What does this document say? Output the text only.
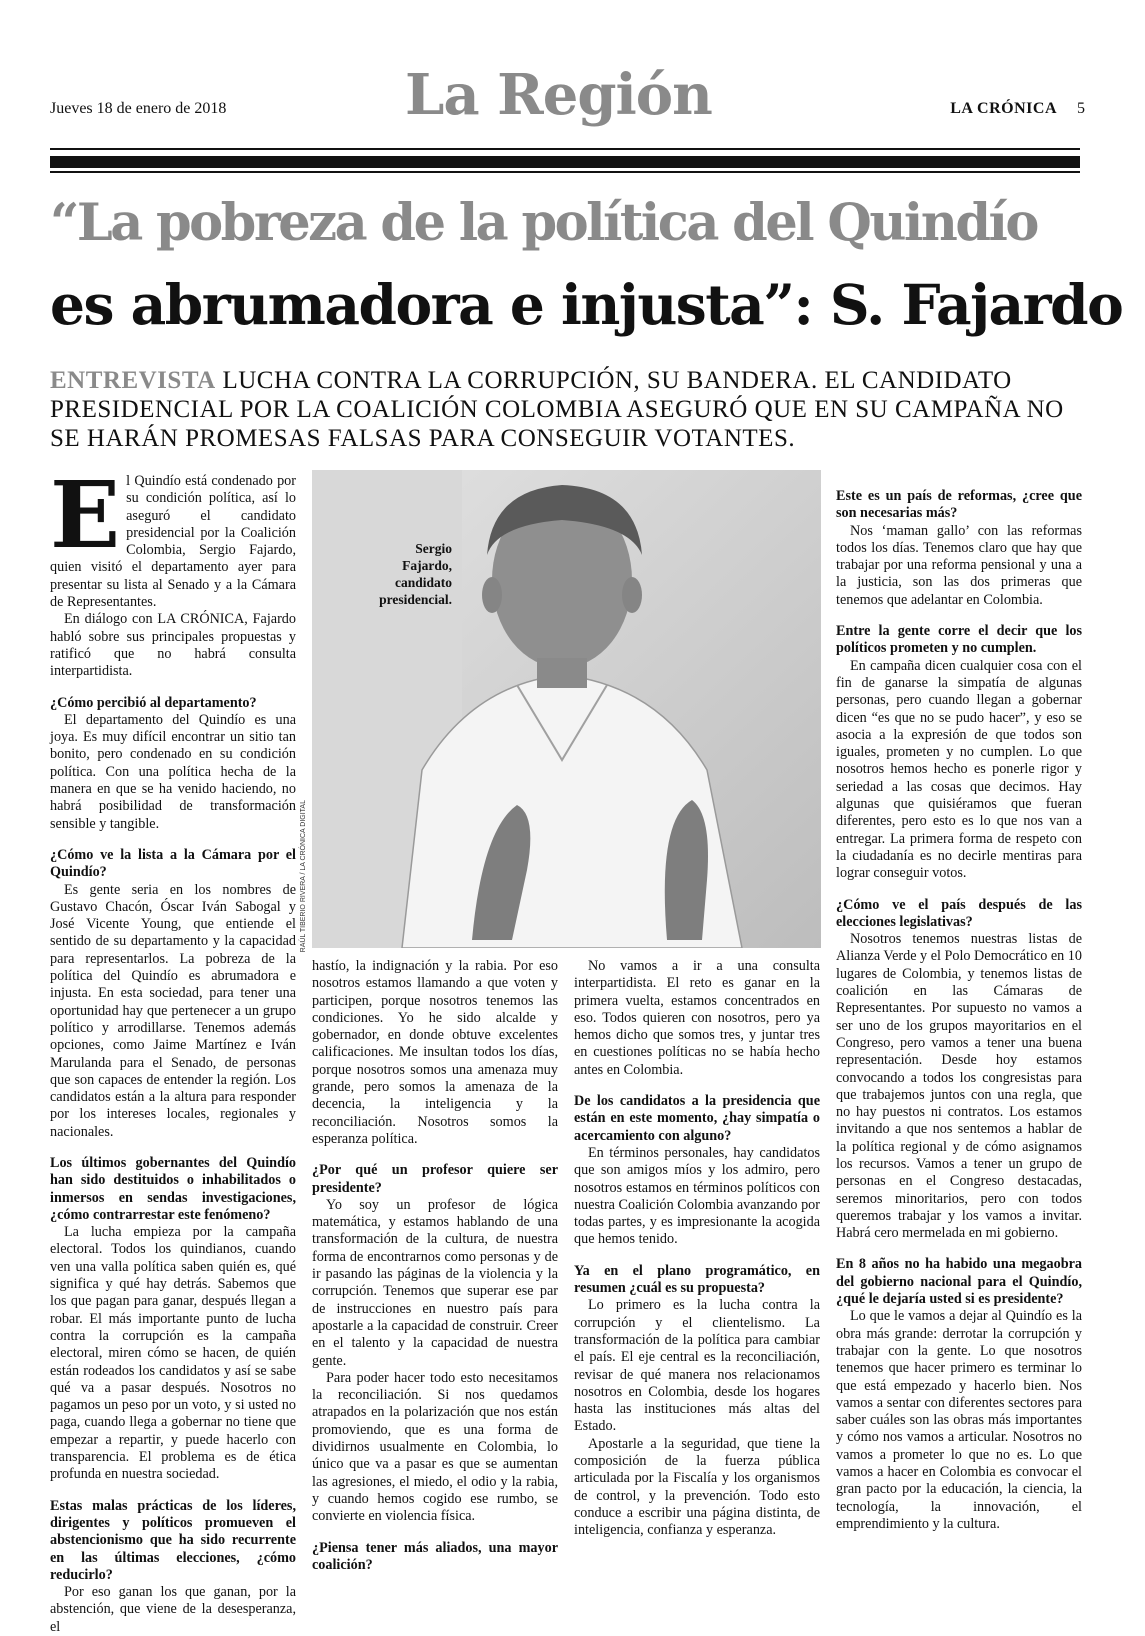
Jueves 18 de enero de 2018	La Región	LA CRÓNICA 5
“La pobreza de la política del Quindío
es abrumadora e injusta”: S. Fajardo
ENTREVISTA LUCHA CONTRA LA CORRUPCIÓN, SU BANDERA. EL CANDIDATO PRESIDENCIAL POR LA COALICIÓN COLOMBIA ASEGURÓ QUE EN SU CAMPAÑA NO SE HARÁN PROMESAS FALSAS PARA CONSEGUIR VOTANTES.
Sergio Fajardo, candidato presidencial.
RAÚL TIBERIO RIVERA / LA CRÓNICA DIGITAL
E l Quindío está condenado por su condición política, así lo aseguró el candidato presidencial por la Coalición Colombia, Sergio Fajardo, quien visitó el departamento ayer para presentar su lista al Senado y a la Cámara de Representantes.

En diálogo con LA CRÓNICA, Fajardo habló sobre sus principales propuestas y ratificó que no habrá consulta interpartidista.

¿Cómo percibió al departamento?

El departamento del Quindío es una joya. Es muy difícil encontrar un sitio tan bonito, pero condenado en su condición política. Con una política hecha de la manera en que se ha venido haciendo, no habrá posibilidad de transformación sensible y tangible.

¿Cómo ve la lista a la Cámara por el Quindío?

Es gente seria en los nombres de Gustavo Chacón, Óscar Iván Sabogal y José Vicente Young, que entiende el sentido de su departamento y la capacidad para representarlos. La pobreza de la política del Quindío es abrumadora e injusta. En esta sociedad, para tener una oportunidad hay que pertenecer a un grupo político y arrodillarse. Tenemos además opciones, como Jaime Martínez e Iván Marulanda para el Senado, de personas que son capaces de entender la región. Los candidatos están a la altura para responder por los intereses locales, regionales y nacionales.

Los últimos gobernantes del Quindío han sido destituidos o inhabilitados o inmersos en sendas investigaciones, ¿cómo contrarrestar este fenómeno?

La lucha empieza por la campaña electoral. Todos los quindianos, cuando ven una valla política saben quién es, qué significa y qué hay detrás. Sabemos que los que pagan para ganar, después llegan a robar. El más importante punto de lucha contra la corrupción es la campaña electoral, miren cómo se hacen, de quién están rodeados los candidatos y así se sabe qué va a pasar después. Nosotros no pagamos un peso por un voto, y si usted no paga, cuando llega a gobernar no tiene que empezar a repartir, y puede hacerlo con transparencia. El problema es de ética profunda en nuestra sociedad.

Estas malas prácticas de los líderes, dirigentes y políticos promueven el abstencionismo que ha sido recurrente en las últimas elecciones, ¿cómo reducirlo?

Por eso ganan los que ganan, por la abstención, que viene de la desesperanza, el

hastío, la indignación y la rabia. Por eso nosotros estamos llamando a que voten y participen, porque nosotros tenemos las condiciones. Yo he sido alcalde y gobernador, en donde obtuve excelentes calificaciones. Me insultan todos los días, porque nosotros somos una amenaza muy grande, pero somos la amenaza de la decencia, la inteligencia y la reconciliación. Nosotros somos la esperanza política.

¿Por qué un profesor quiere ser presidente?

Yo soy un profesor de lógica matemática, y estamos hablando de una transformación de la cultura, de nuestra forma de encontrarnos como personas y de ir pasando las páginas de la violencia y la corrupción. Tenemos que superar ese par de instrucciones en nuestro país para apostarle a la capacidad de construir. Creer en el talento y la capacidad de nuestra gente.

Para poder hacer todo esto necesitamos la reconciliación. Si nos quedamos atrapados en la polarización que nos están promoviendo, que es una forma de dividirnos usualmente en Colombia, lo único que va a pasar es que se aumentan las agresiones, el miedo, el odio y la rabia, y cuando hemos cogido ese rumbo, se convierte en violencia física.

¿Piensa tener más aliados, una mayor coalición?

No vamos a ir a una consulta interpartidista. El reto es ganar en la primera vuelta, estamos concentrados en eso. Todos quieren con nosotros, pero ya hemos dicho que somos tres, y juntar tres en cuestiones políticas no se había hecho antes en Colombia.

De los candidatos a la presidencia que están en este momento, ¿hay simpatía o acercamiento con alguno?

En términos personales, hay candidatos que son amigos míos y los admiro, pero nosotros estamos en términos políticos con nuestra Coalición Colombia avanzando por todas partes, y es impresionante la acogida que hemos tenido.

Ya en el plano programático, en resumen ¿cuál es su propuesta?

Lo primero es la lucha contra la corrupción y el clientelismo. La transformación de la política para cambiar el país. El eje central es la reconciliación, revisar de qué manera nos relacionamos nosotros en Colombia, desde los hogares hasta las instituciones más altas del Estado.

Apostarle a la seguridad, que tiene la composición de la fuerza pública articulada por la Fiscalía y los organismos de control, y la prevención. Todo esto conduce a escribir una página distinta, de inteligencia, confianza y esperanza.

Este es un país de reformas, ¿cree que son necesarias más?

Nos ‘maman gallo’ con las reformas todos los días. Tenemos claro que hay que trabajar por una reforma pensional y una a la justicia, son las dos primeras que tenemos que adelantar en Colombia.

Entre la gente corre el decir que los políticos prometen y no cumplen.

En campaña dicen cualquier cosa con el fin de ganarse la simpatía de algunas personas, pero cuando llegan a gobernar dicen “es que no se pudo hacer”, y eso se asocia a la expresión de que todos son iguales, prometen y no cumplen. Lo que nosotros hemos hecho es ponerle rigor y seriedad a las cosas que decimos. Hay algunas que quisiéramos que fueran diferentes, pero esto es lo que nos van a entregar. La primera forma de respeto con la ciudadanía es no decirle mentiras para lograr conseguir votos.

¿Cómo ve el país después de las elecciones legislativas?

Nosotros tenemos nuestras listas de Alianza Verde y el Polo Democrático en 10 lugares de Colombia, y tenemos listas de coalición en las Cámaras de Representantes. Por supuesto no vamos a ser uno de los grupos mayoritarios en el Congreso, pero vamos a tener una buena representación. Desde hoy estamos convocando a todos los congresistas para que trabajemos juntos con una regla, que no hay puestos ni contratos. Los estamos invitando a que nos sentemos a hablar de la política regional y de cómo asignamos los recursos. Vamos a tener un grupo de personas en el Congreso destacadas, seremos minoritarios, pero con todos queremos trabajar y los vamos a invitar. Habrá cero mermelada en mi gobierno.

En 8 años no ha habido una megaobra del gobierno nacional para el Quindío, ¿qué le dejaría usted si es presidente?

Lo que le vamos a dejar al Quindío es la obra más grande: derrotar la corrupción y trabajar con la gente. Lo que nosotros tenemos que hacer primero es terminar lo que está empezado y hacerlo bien. Nos vamos a sentar con diferentes sectores para saber cuáles son las obras más importantes y cómo nos vamos a articular. Nosotros no vamos a prometer lo que no es. Lo que vamos a hacer en Colombia es convocar el gran pacto por la educación, la ciencia, la tecnología, la innovación, el emprendimiento y la cultura.
